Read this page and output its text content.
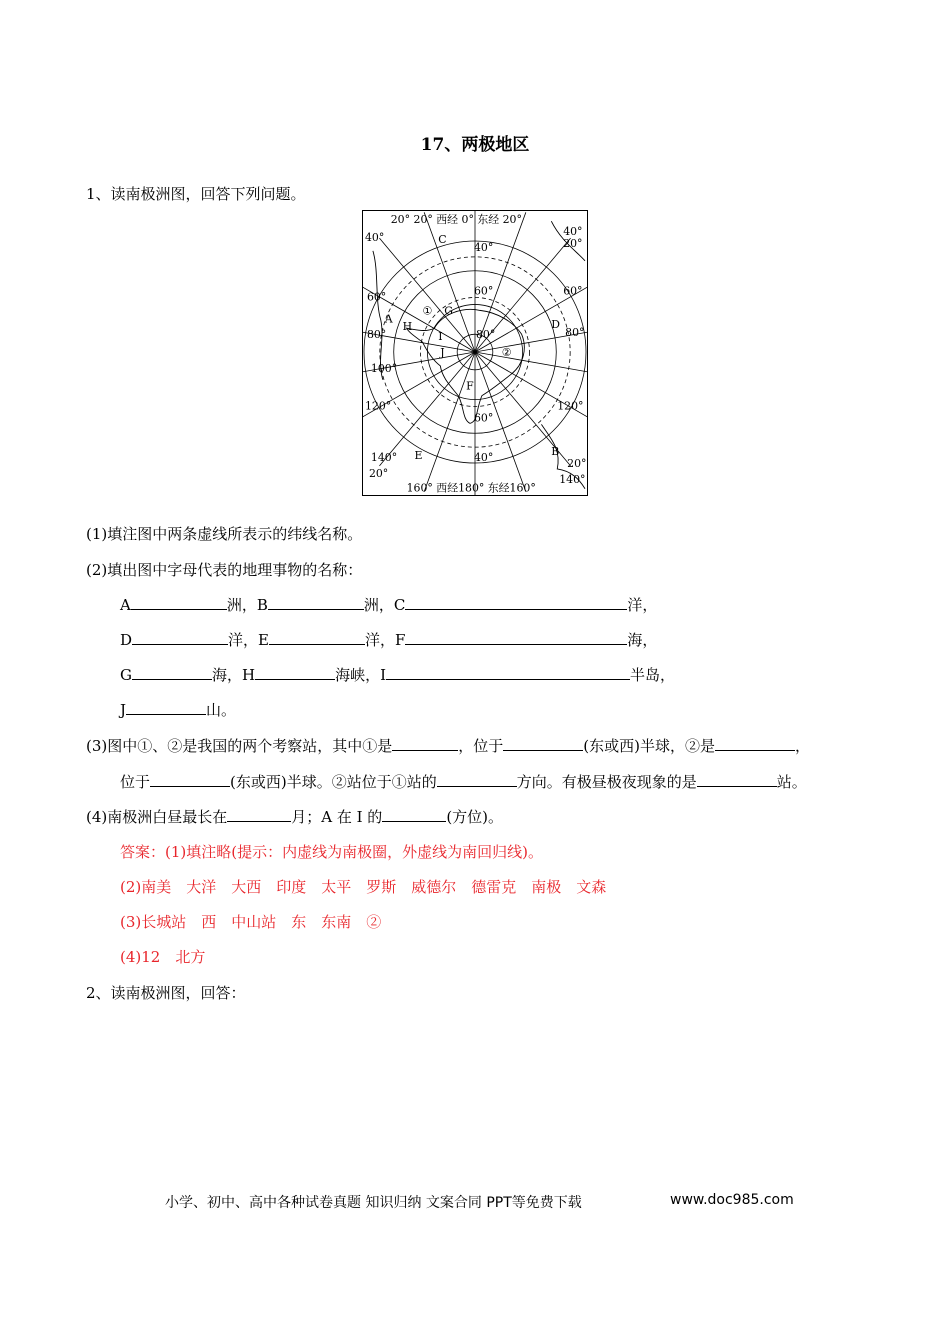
17、两极地区
1、读南极洲图，回答下列问题。
20° 20° 西经 0° 东经 20°
160° 西经180° 东经160°
40°
60°
80°
100°
120°
140°
20°
40°
20°
60°
80°
120°
20°
140°
40°
60°
80°
60°
40°
A
B
C
D
E
F
G
H
I
J
①
②
(1)填注图中两条虚线所表示的纬线名称。
(2)填出图中字母代表的地理事物的名称：
A	洲，B	洲，C	洋，
D	洋，E	洋，F	海，
G	海，H	海峡，I	半岛，
J	山。
(3)图中①、②是我国的两个考察站，其中①是	，位于	(东或西)半球，②是	，
位于	(东或西)半球。②站位于①站的	方向。有极昼极夜现象的是	站。
(4)南极洲白昼最长在	月；A 在 I 的	(方位)。
答案：(1)填注略(提示：内虚线为南极圈，外虚线为南回归线)。
(2)南美　大洋　大西　印度　太平　罗斯　威德尔　德雷克　南极　文森
(3)长城站　西　中山站　东　东南　②
(4)12　北方
2、读南极洲图，回答：
小学、初中、高中各种试卷真题 知识归纳 文案合同 PPT等免费下载	www.doc985.com
